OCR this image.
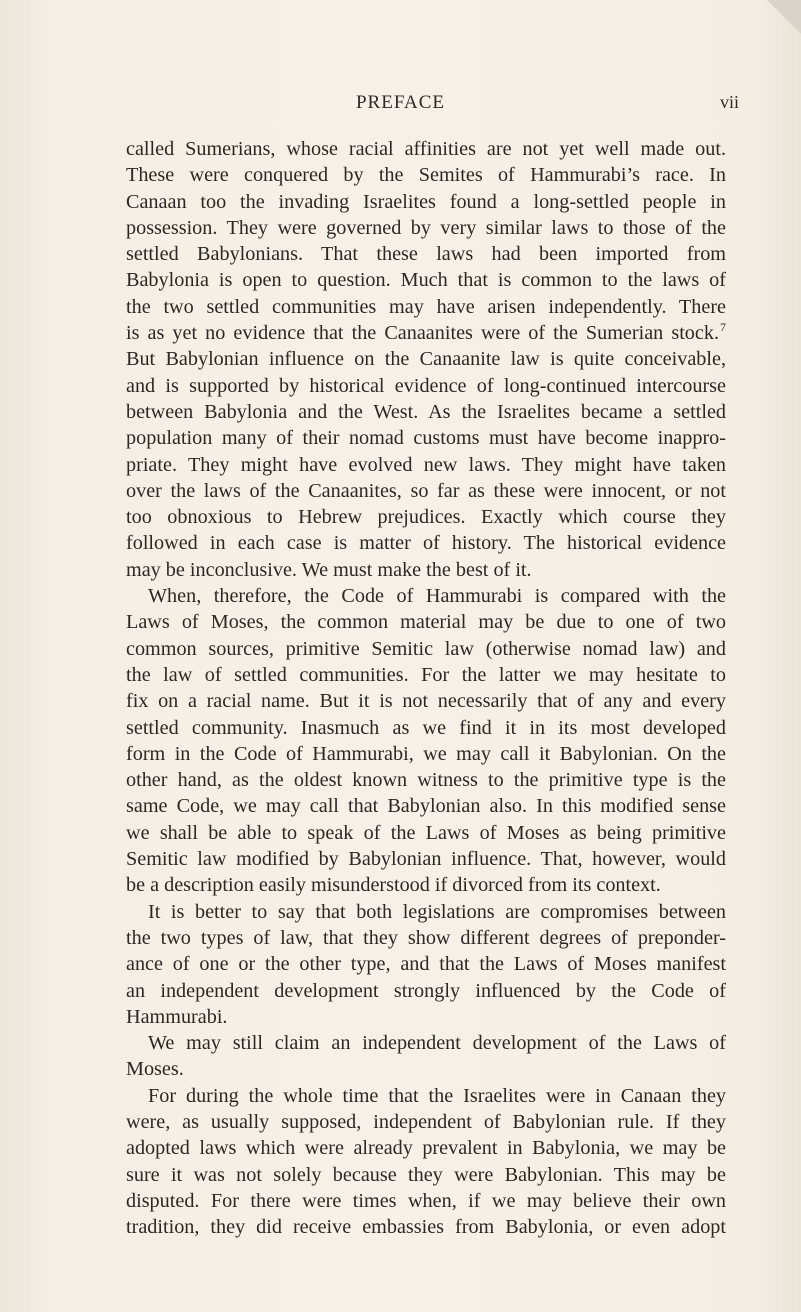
PREFACE	vii
called Sumerians, whose racial affinities are not yet well made out.
These were conquered by the Semites of Hammurabi’s race. In
Canaan too the invading Israelites found a long-settled people in
possession. They were governed by very similar laws to those of the
settled Babylonians. That these laws had been imported from
Babylonia is open to question. Much that is common to the laws of
the two settled communities may have arisen independently. There
is as yet no evidence that the Canaanites were of the Sumerian stock.$^7$
But Babylonian influence on the Canaanite law is quite conceivable,
and is supported by historical evidence of long-continued intercourse
between Babylonia and the West. As the Israelites became a settled
population many of their nomad customs must have become inappro-
priate. They might have evolved new laws. They might have taken
over the laws of the Canaanites, so far as these were innocent, or not
too obnoxious to Hebrew prejudices. Exactly which course they
followed in each case is matter of history. The historical evidence
may be inconclusive. We must make the best of it.
When, therefore, the Code of Hammurabi is compared with the
Laws of Moses, the common material may be due to one of two
common sources, primitive Semitic law (otherwise nomad law) and
the law of settled communities. For the latter we may hesitate to
fix on a racial name. But it is not necessarily that of any and every
settled community. Inasmuch as we find it in its most developed
form in the Code of Hammurabi, we may call it Babylonian. On the
other hand, as the oldest known witness to the primitive type is the
same Code, we may call that Babylonian also. In this modified sense
we shall be able to speak of the Laws of Moses as being primitive
Semitic law modified by Babylonian influence. That, however, would
be a description easily misunderstood if divorced from its context.
It is better to say that both legislations are compromises between
the two types of law, that they show different degrees of preponder-
ance of one or the other type, and that the Laws of Moses manifest
an independent development strongly influenced by the Code of
Hammurabi.
We may still claim an independent development of the Laws of
Moses.
For during the whole time that the Israelites were in Canaan they
were, as usually supposed, independent of Babylonian rule. If they
adopted laws which were already prevalent in Babylonia, we may be
sure it was not solely because they were Babylonian. This may be
disputed. For there were times when, if we may believe their own
tradition, they did receive embassies from Babylonia, or even adopt
